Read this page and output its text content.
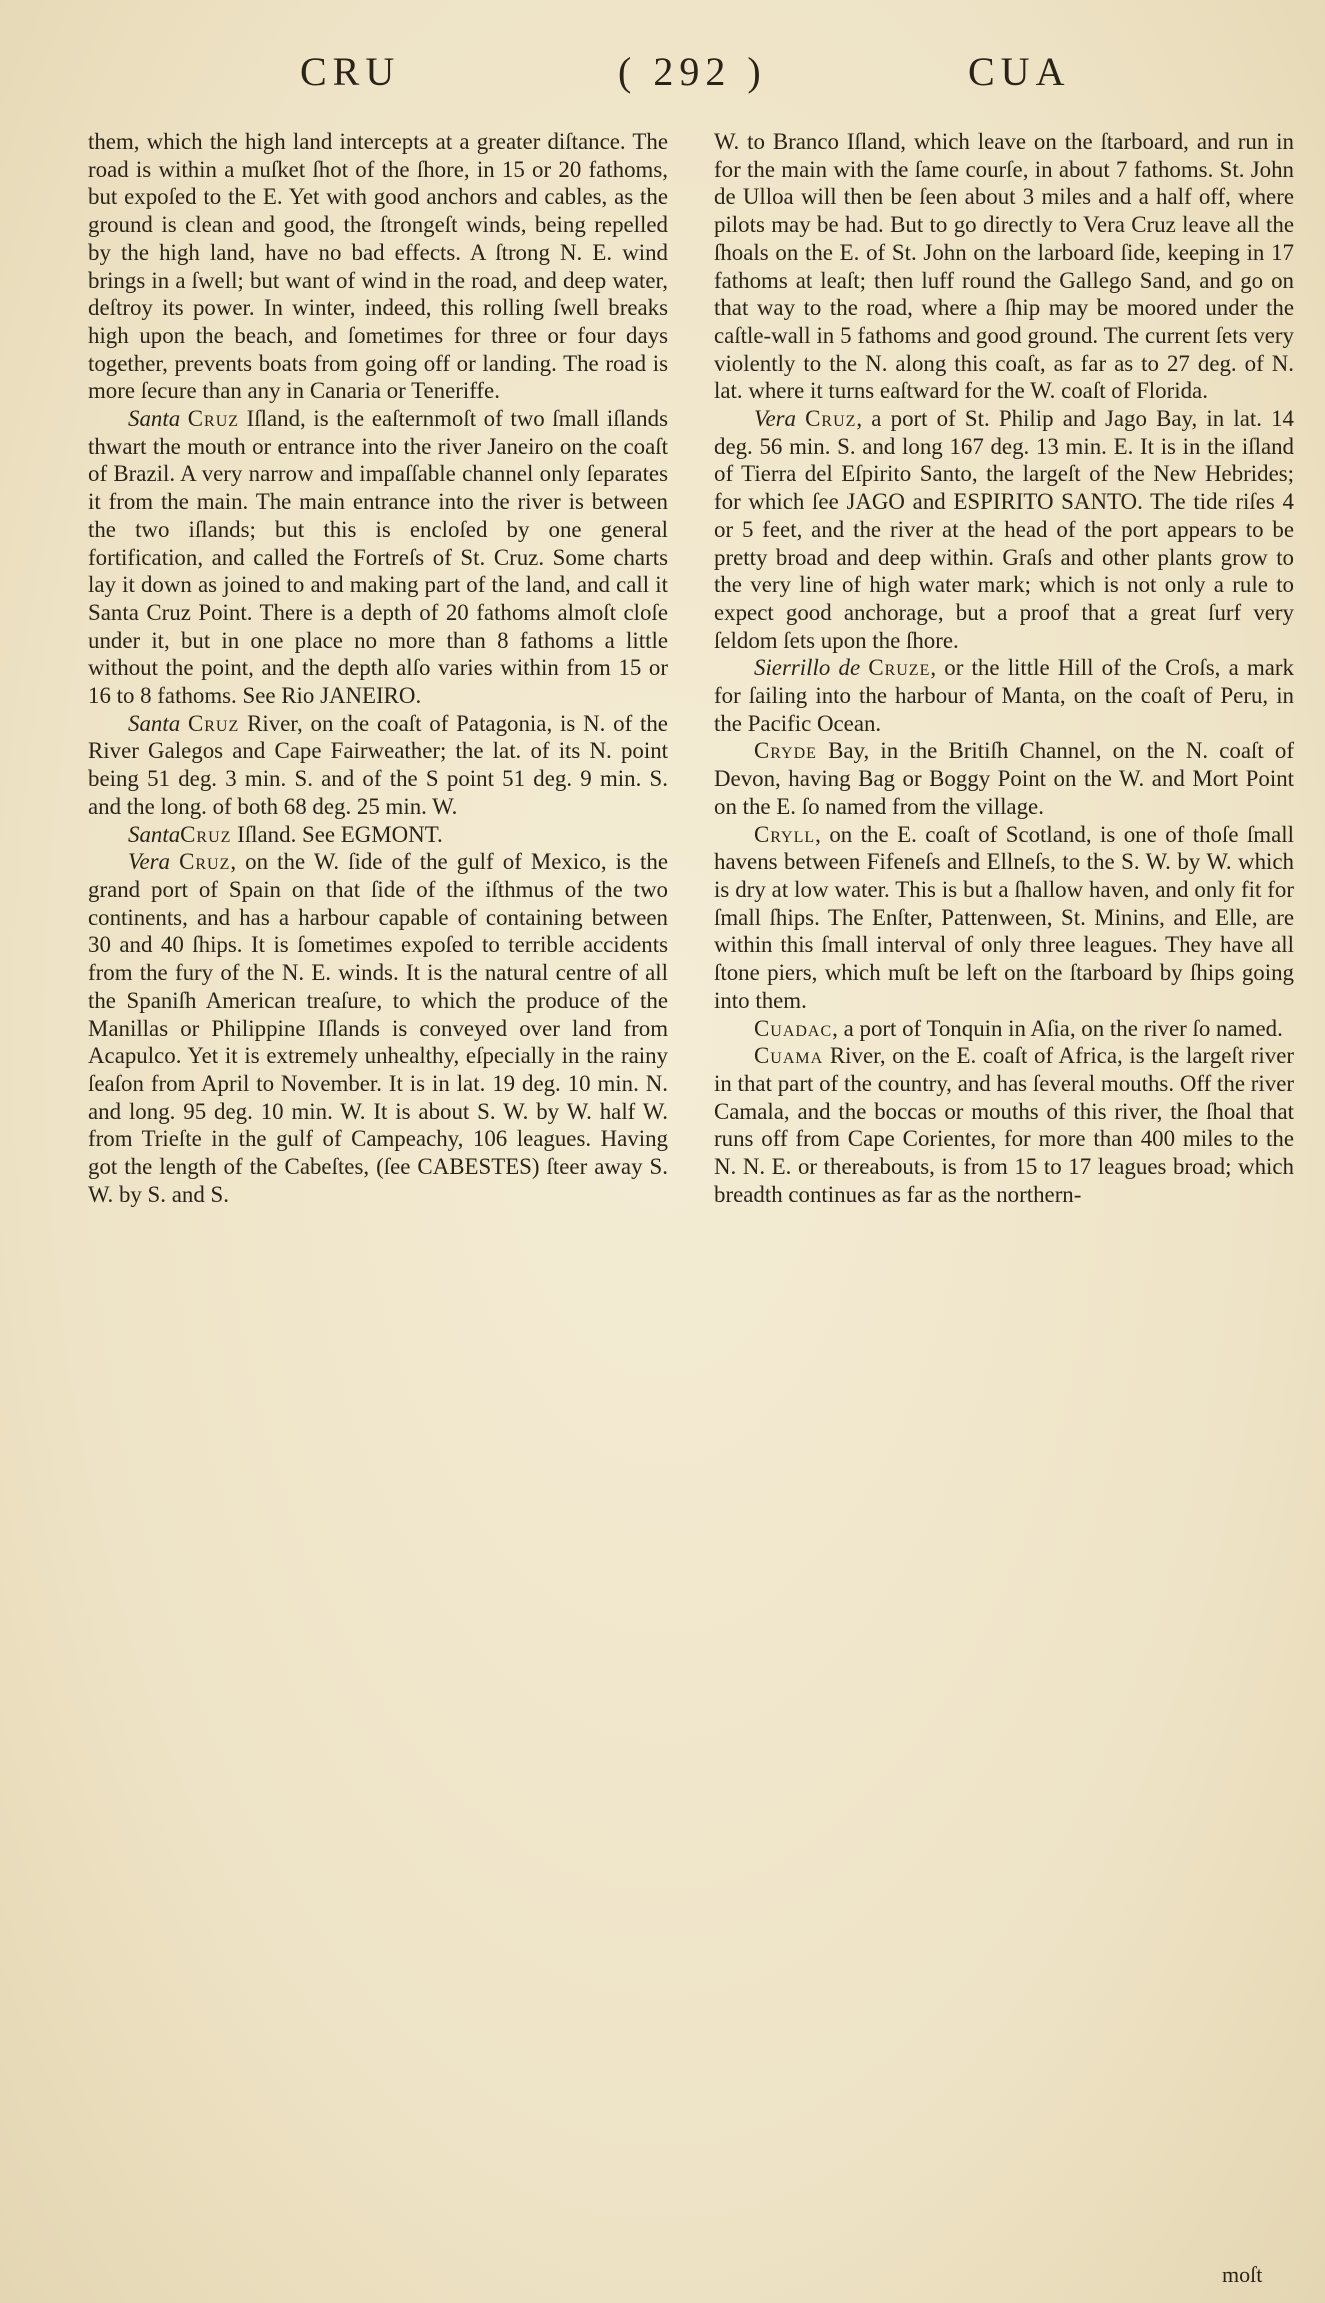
CRU	( 292 )	CUA

them, which the high land intercepts at a greater diſtance. The road is within a muſket ſhot of the ſhore, in 15 or 20 fathoms, but expoſed to the E. Yet with good anchors and cables, as the ground is clean and good, the ſtrongeſt winds, being repelled by the high land, have no bad effects. A ſtrong N. E. wind brings in a ſwell; but want of wind in the road, and deep water, deſtroy its power. In winter, indeed, this rolling ſwell breaks high upon the beach, and ſometimes for three or four days together, prevents boats from going off or landing. The road is more ſecure than any in Canaria or Teneriffe.

Santa Cruz Iſland, is the eaſternmoſt of two ſmall iſlands thwart the mouth or entrance into the river Janeiro on the coaſt of Brazil. A very narrow and impaſſable channel only ſeparates it from the main. The main entrance into the river is between the two iſlands; but this is encloſed by one general fortification, and called the Fortreſs of St. Cruz. Some charts lay it down as joined to and making part of the land, and call it Santa Cruz Point. There is a depth of 20 fathoms almoſt cloſe under it, but in one place no more than 8 fathoms a little without the point, and the depth alſo varies within from 15 or 16 to 8 fathoms. See Rio JANEIRO.

Santa Cruz River, on the coaſt of Patagonia, is N. of the River Galegos and Cape Fairweather; the lat. of its N. point being 51 deg. 3 min. S. and of the S point 51 deg. 9 min. S. and the long. of both 68 deg. 25 min. W.

SantaCruz Iſland. See EGMONT.

Vera Cruz, on the W. ſide of the gulf of Mexico, is the grand port of Spain on that ſide of the iſthmus of the two continents, and has a harbour capable of containing between 30 and 40 ſhips. It is ſometimes expoſed to terrible accidents from the fury of the N. E. winds. It is the natural centre of all the Spaniſh American treaſure, to which the produce of the Manillas or Philippine Iſlands is conveyed over land from Acapulco. Yet it is extremely unhealthy, eſpecially in the rainy ſeaſon from April to November. It is in lat. 19 deg. 10 min. N. and long. 95 deg. 10 min. W. It is about S. W. by W. half W. from Trieſte in the gulf of Campeachy, 106 leagues. Having got the length of the Cabeſtes, (ſee CABESTES) ſteer away S. W. by S. and S.

W. to Branco Iſland, which leave on the ſtarboard, and run in for the main with the ſame courſe, in about 7 fathoms. St. John de Ulloa will then be ſeen about 3 miles and a half off, where pilots may be had. But to go directly to Vera Cruz leave all the ſhoals on the E. of St. John on the larboard ſide, keeping in 17 fathoms at leaſt; then luff round the Gallego Sand, and go on that way to the road, where a ſhip may be moored under the caſtle-wall in 5 fathoms and good ground. The current ſets very violently to the N. along this coaſt, as far as to 27 deg. of N. lat. where it turns eaſtward for the W. coaſt of Florida.

Vera Cruz, a port of St. Philip and Jago Bay, in lat. 14 deg. 56 min. S. and long 167 deg. 13 min. E. It is in the iſland of Tierra del Eſpirito Santo, the largeſt of the New Hebrides; for which ſee JAGO and ESPIRITO SANTO. The tide riſes 4 or 5 feet, and the river at the head of the port appears to be pretty broad and deep within. Graſs and other plants grow to the very line of high water mark; which is not only a rule to expect good anchorage, but a proof that a great ſurf very ſeldom ſets upon the ſhore.

Sierrillo de Cruze, or the little Hill of the Croſs, a mark for ſailing into the harbour of Manta, on the coaſt of Peru, in the Pacific Ocean.

Cryde Bay, in the Britiſh Channel, on the N. coaſt of Devon, having Bag or Boggy Point on the W. and Mort Point on the E. ſo named from the village.

Cryll, on the E. coaſt of Scotland, is one of thoſe ſmall havens between Fifeneſs and Ellneſs, to the S. W. by W. which is dry at low water. This is but a ſhallow haven, and only fit for ſmall ſhips. The Enſter, Pattenween, St. Minins, and Elle, are within this ſmall interval of only three leagues. They have all ſtone piers, which muſt be left on the ſtarboard by ſhips going into them.

Cuadac, a port of Tonquin in Aſia, on the river ſo named.

Cuama River, on the E. coaſt of Africa, is the largeſt river in that part of the country, and has ſeveral mouths. Off the river Camala, and the boccas or mouths of this river, the ſhoal that runs off from Cape Corientes, for more than 400 miles to the N. N. E. or thereabouts, is from 15 to 17 leagues broad; which breadth continues as far as the northern-

moſt
